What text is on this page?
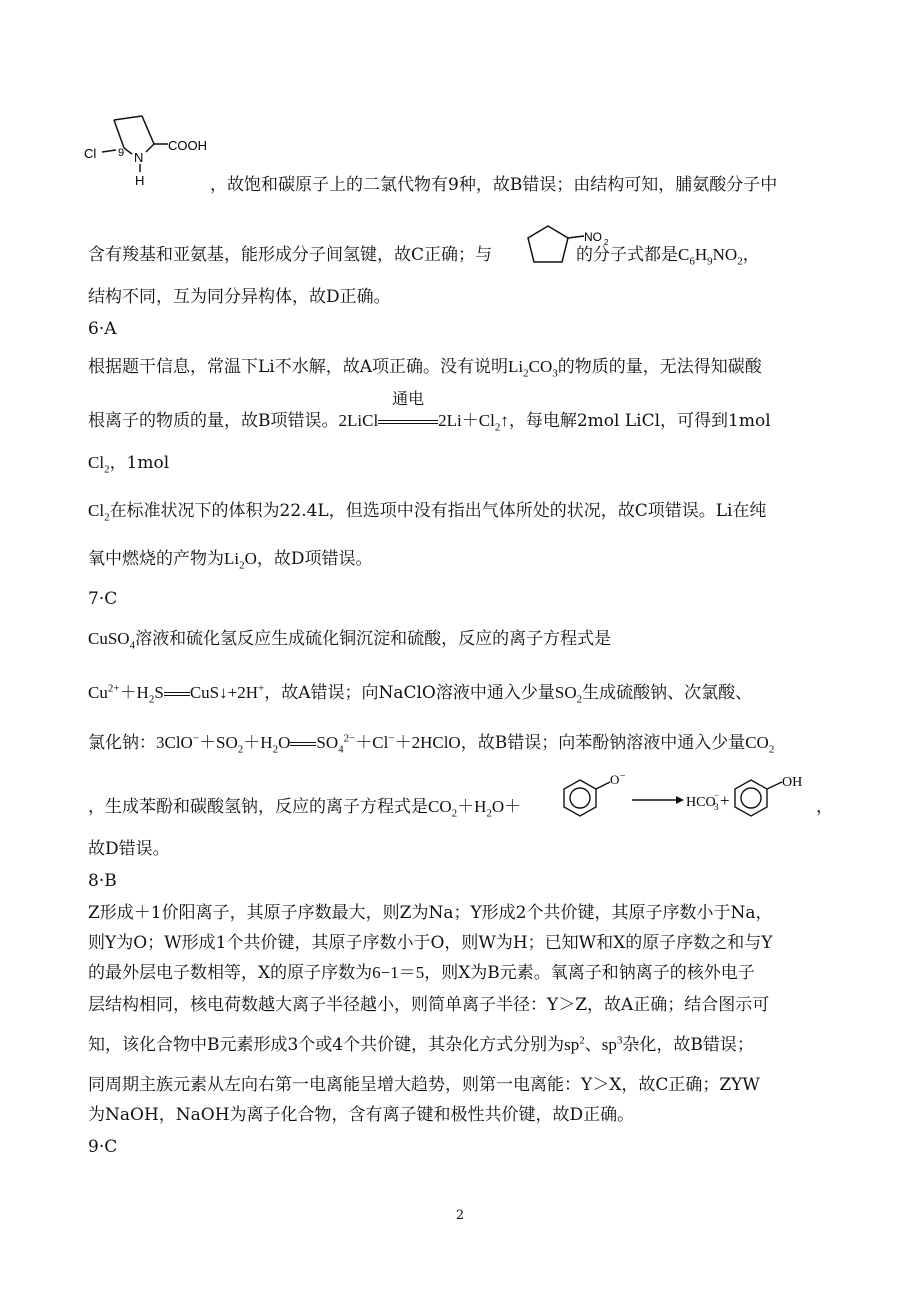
Cl 9 N
H
COOH
，故饱和碳原子上的二氯代物有9种，故B错误；由结构可知，脯氨酸分子中
含有羧基和亚氨基，能形成分子间氢键，故C正确；与	的分子式都是$C_6H_9NO_2$，
NO 2
结构不同，互为同分异构体，故D正确。
6·A
根据题干信息，常温下Li不水解，故A项正确。没有说明$Li_2CO_3$的物质的量，无法得知碳酸
根离子的物质的量，故B项错误。2LiCl
通电
$2Li+Cl_2↑$，每电解2mol LiCl，可得到1mol
$Cl_2$，1mol
$Cl_2$在标准状况下的体积为22.4L，但选项中没有指出气体所处的状况，故C项错误。Li在纯
氧中燃烧的产物为$Li_2O$，故D项错误。
7·C
CuSO$_4$溶液和硫化氢反应生成硫化铜沉淀和硫酸，反应的离子方程式是
$Cu^{2+}+H_2S$ CuS↓+2H+，故A错误；向NaClO溶液中通入少量$SO_2$生成硫酸钠、次氯酸、
氯化钠：$3ClO^-+SO_2+H_2O$ $SO_4^{2-}+Cl^-+2HClO$，故B错误；向苯酚钠溶液中通入少量$CO_2$
，生成苯酚和碳酸氢钠，反应的离子方程式是$CO_2+H_2O+$	，
O −
HCO
3
− +
OH
故D错误。
8·B
Z形成＋1价阳离子，其原子序数最大，则Z为Na；Y形成2个共价键，其原子序数小于Na，
则Y为O；W形成1个共价键，其原子序数小于O，则W为H；已知W和X的原子序数之和与Y
的最外层电子数相等，X的原子序数为6−1＝5，则X为B元素。氧离子和钠离子的核外电子
层结构相同，核电荷数越大离子半径越小，则简单离子半径：Y＞Z，故A正确；结合图示可
知，该化合物中B元素形成3个或4个共价键，其杂化方式分别为$sp^2$、$sp^3$杂化，故B错误；
同周期主族元素从左向右第一电离能呈增大趋势，则第一电离能：Y＞X，故C正确；ZYW
为NaOH，NaOH为离子化合物，含有离子键和极性共价键，故D正确。
9·C
2
